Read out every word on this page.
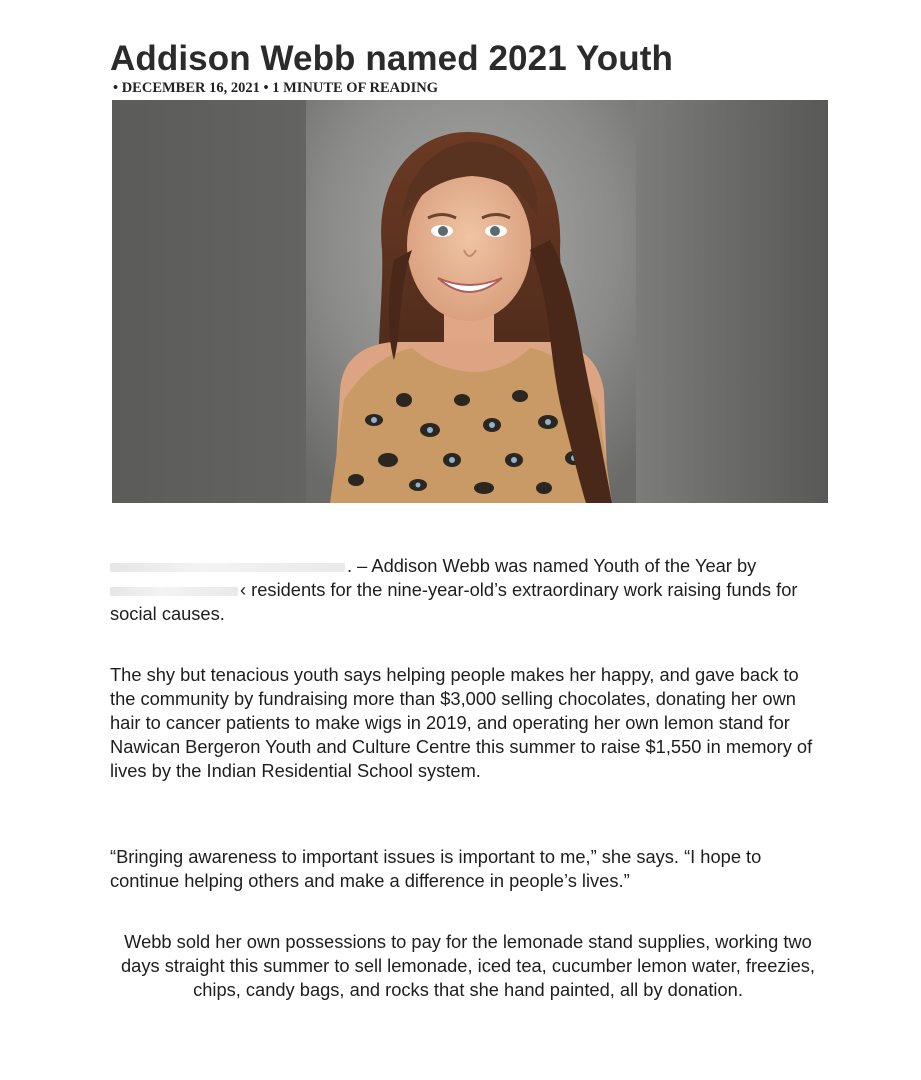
Addison Webb named 2021 Youth
• DECEMBER 16, 2021 • 1 MINUTE OF READING

. – Addison Webb was named Youth of the Year by
‹ residents for the nine-year-old’s extraordinary work raising funds for social causes.

The shy but tenacious youth says helping people makes her happy, and gave back to the community by fundraising more than $3,000 selling chocolates, donating her own hair to cancer patients to make wigs in 2019, and operating her own lemon stand for Nawican Bergeron Youth and Culture Centre this summer to raise $1,550 in memory of lives by the Indian Residential School system.

“Bringing awareness to important issues is important to me,” she says. “I hope to continue helping others and make a difference in people’s lives.”

Webb sold her own possessions to pay for the lemonade stand supplies, working two days straight this summer to sell lemonade, iced tea, cucumber lemon water, freezies, chips, candy bags, and rocks that she hand painted, all by donation.
